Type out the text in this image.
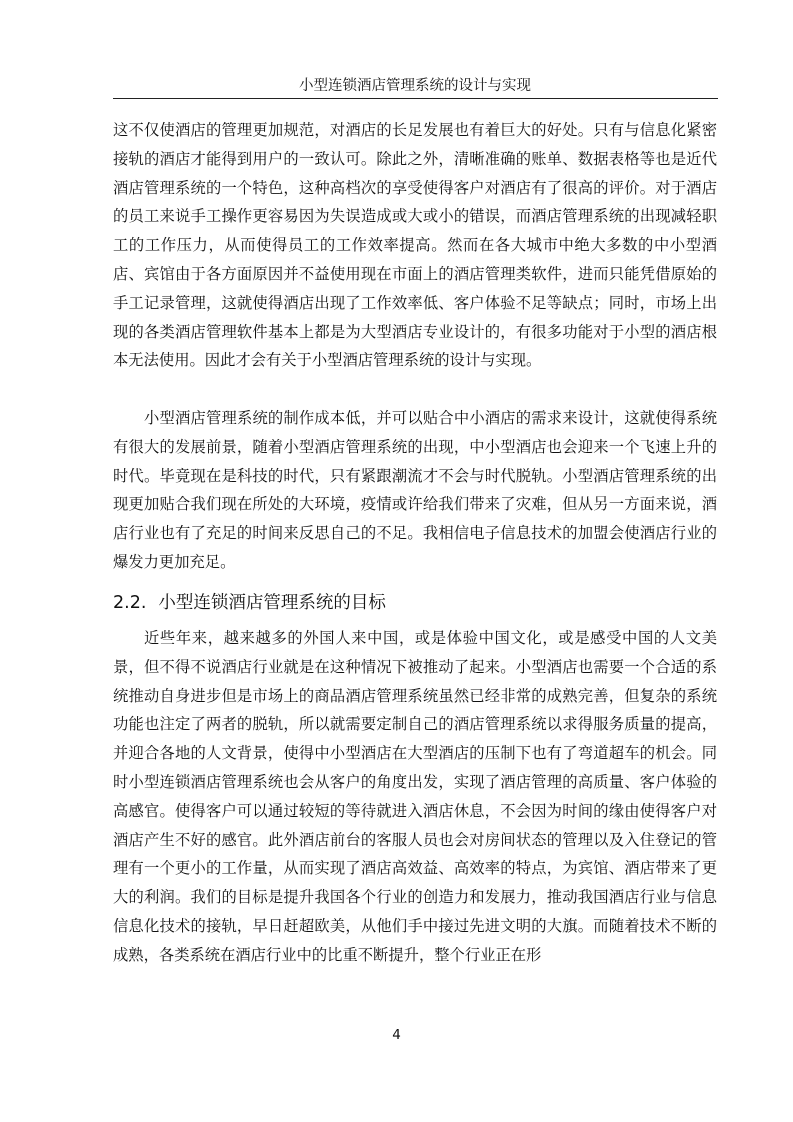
小型连锁酒店管理系统的设计与实现

这不仅使酒店的管理更加规范，对酒店的长足发展也有着巨大的好处。只有与信息化紧密接轨的酒店才能得到用户的一致认可。除此之外，清晰准确的账单、数据表格等也是近代酒店管理系统的一个特色，这种高档次的享受使得客户对酒店有了很高的评价。对于酒店的员工来说手工操作更容易因为失误造成或大或小的错误，而酒店管理系统的出现减轻职工的工作压力，从而使得员工的工作效率提高。然而在各大城市中绝大多数的中小型酒店、宾馆由于各方面原因并不益使用现在市面上的酒店管理类软件，进而只能凭借原始的手工记录管理，这就使得酒店出现了工作效率低、客户体验不足等缺点；同时，市场上出现的各类酒店管理软件基本上都是为大型酒店专业设计的，有很多功能对于小型的酒店根本无法使用。因此才会有关于小型酒店管理系统的设计与实现。

小型酒店管理系统的制作成本低，并可以贴合中小酒店的需求来设计，这就使得系统有很大的发展前景，随着小型酒店管理系统的出现，中小型酒店也会迎来一个飞速上升的时代。毕竟现在是科技的时代，只有紧跟潮流才不会与时代脱轨。小型酒店管理系统的出现更加贴合我们现在所处的大环境，疫情或许给我们带来了灾难，但从另一方面来说，酒店行业也有了充足的时间来反思自己的不足。我相信电子信息技术的加盟会使酒店行业的爆发力更加充足。

2.2. 小型连锁酒店管理系统的目标

近些年来，越来越多的外国人来中国，或是体验中国文化，或是感受中国的人文美景，但不得不说酒店行业就是在这种情况下被推动了起来。小型酒店也需要一个合适的系统推动自身进步但是市场上的商品酒店管理系统虽然已经非常的成熟完善，但复杂的系统功能也注定了两者的脱轨，所以就需要定制自己的酒店管理系统以求得服务质量的提高，并迎合各地的人文背景，使得中小型酒店在大型酒店的压制下也有了弯道超车的机会。同时小型连锁酒店管理系统也会从客户的角度出发，实现了酒店管理的高质量、客户体验的高感官。使得客户可以通过较短的等待就进入酒店休息，不会因为时间的缘由使得客户对酒店产生不好的感官。此外酒店前台的客服人员也会对房间状态的管理以及入住登记的管理有一个更小的工作量，从而实现了酒店高效益、高效率的特点，为宾馆、酒店带来了更大的利润。我们的目标是提升我国各个行业的创造力和发展力，推动我国酒店行业与信息信息化技术的接轨，早日赶超欧美，从他们手中接过先进文明的大旗。而随着技术不断的成熟，各类系统在酒店行业中的比重不断提升，整个行业正在形

4
